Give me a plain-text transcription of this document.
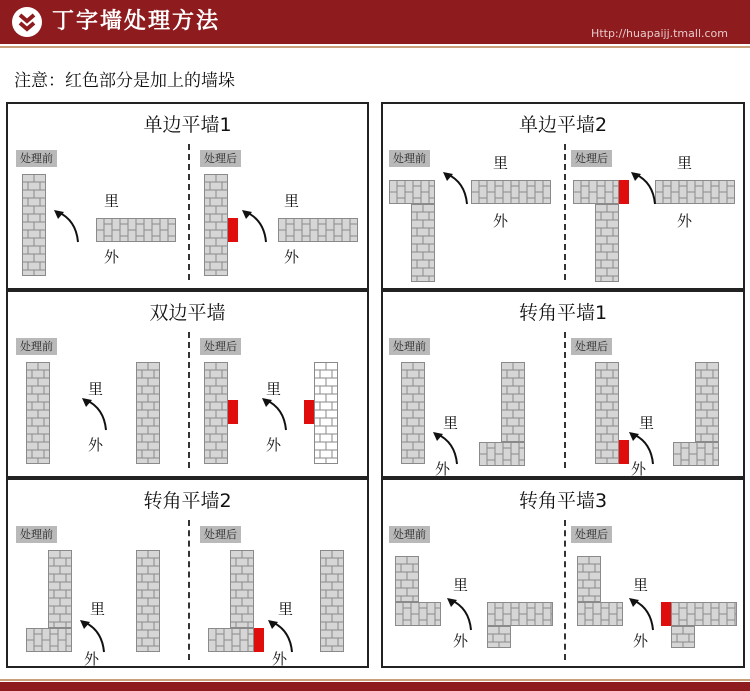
丁字墙处理方法	Http://huapaijj.tmall.com
注意：红色部分是加上的墙垛
单边平墙1
处理前	处理后
里
外
里
外
单边平墙2
处理前	处理后
里
外
里
外
双边平墙
处理前	处理后
里
外
里
外
转角平墙1
处理前	处理后
里
外
里
外
转角平墙2
处理前	处理后
里
外
里
外
转角平墙3
处理前	处理后
里
外
里
外
